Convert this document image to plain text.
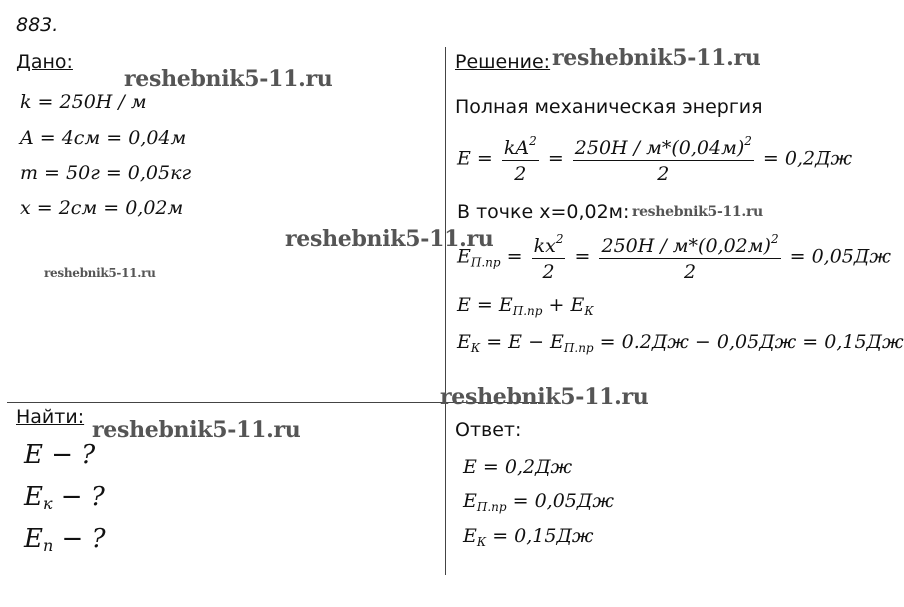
883.
Дано:
k = 250Н / м
A = 4см = 0,04м
m = 50г = 0,05кг
x = 2см = 0,02м
Найти:
E − ?
$E_к$ − ?
$E_п$ − ?
Решение:
Полная механическая энергия
$E = \frac{kA^2}{2} = \frac{250Н / м*(0,04м)^2}{2} = 0,2Дж$
В точке x=0,02м:
$E_{П.пр} = \frac{kx^2}{2} = \frac{250Н / м*(0,02м)^2}{2} = 0,05Дж$
$E = E_{П.пр} + E_К$
$E_К = E - E_{П.пр} = 0.2Дж - 0,05Дж = 0,15Дж$
Ответ:
E = 0,2Дж
$E_{П.пр} = 0,05Дж$
$E_К = 0,15Дж$
reshebnik5-11.ru
reshebnik5-11.ru
reshebnik5-11.ru
reshebnik5-11.ru
reshebnik5-11.ru
reshebnik5-11.ru
reshebnik5-11.ru
